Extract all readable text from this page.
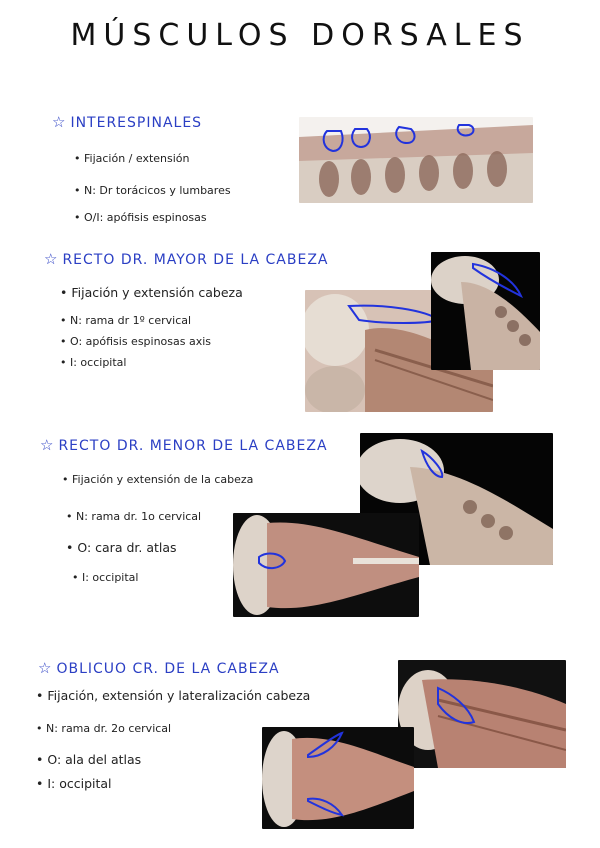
MÚSCULOS DORSALES
☆ INTERESPINALES
• Fijación / extensión
• N: Dr torácicos y lumbares
• O/I: apófisis espinosas
☆ RECTO DR. MAYOR DE LA CABEZA
• Fijación y extensión cabeza
• N: rama dr 1º cervical
• O: apófisis espinosas axis
• I: occipital
☆ RECTO DR. MENOR DE LA CABEZA
• Fijación y extensión de la cabeza
• N: rama dr. 1o cervical
• O: cara dr. atlas
• I: occipital
☆ OBLICUO CR. DE LA CABEZA
• Fijación, extensión y lateralización cabeza
• N: rama dr. 2o cervical
• O: ala del atlas
• I: occipital
